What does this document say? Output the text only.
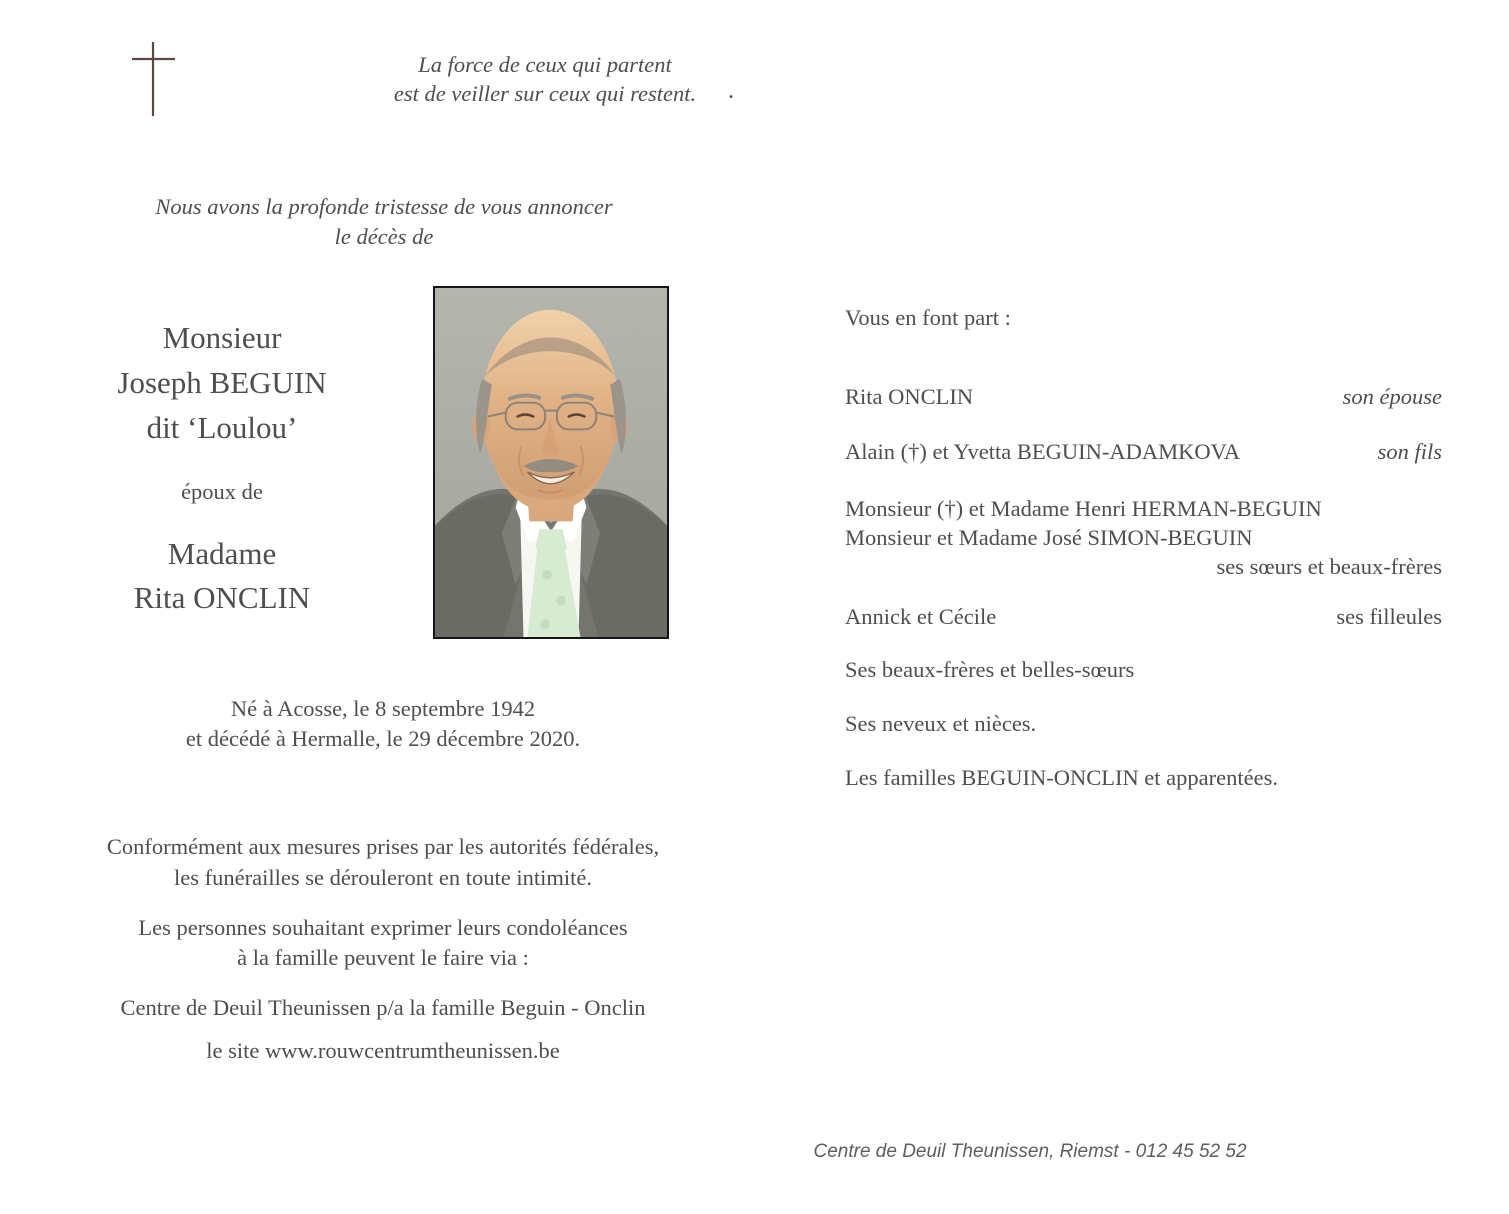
La force de ceux qui partent
est de veiller sur ceux qui restent.	.
Nous avons la profonde tristesse de vous annoncer
le décès de
Monsieur
Joseph BEGUIN
dit ‘Loulou’
époux de
Madame
Rita ONCLIN
Né à Acosse, le 8 septembre 1942
et décédé à Hermalle, le 29 décembre 2020.
Conformément aux mesures prises par les autorités fédérales,
les funérailles se dérouleront en toute intimité.
Les personnes souhaitant exprimer leurs condoléances
à la famille peuvent le faire via :
Centre de Deuil Theunissen p/a la famille Beguin - Onclin
le site www.rouwcentrumtheunissen.be
Vous en font part :
Rita ONCLIN	son épouse
Alain (†) et Yvetta BEGUIN-ADAMKOVA	son fils
Monsieur (†) et Madame Henri HERMAN-BEGUIN
Monsieur et Madame José SIMON-BEGUIN
ses sœurs et beaux-frères
Annick et Cécile	ses filleules
Ses beaux-frères et belles-sœurs
Ses neveux et nièces.
Les familles BEGUIN-ONCLIN et apparentées.
Centre de Deuil Theunissen, Riemst - 012 45 52 52
